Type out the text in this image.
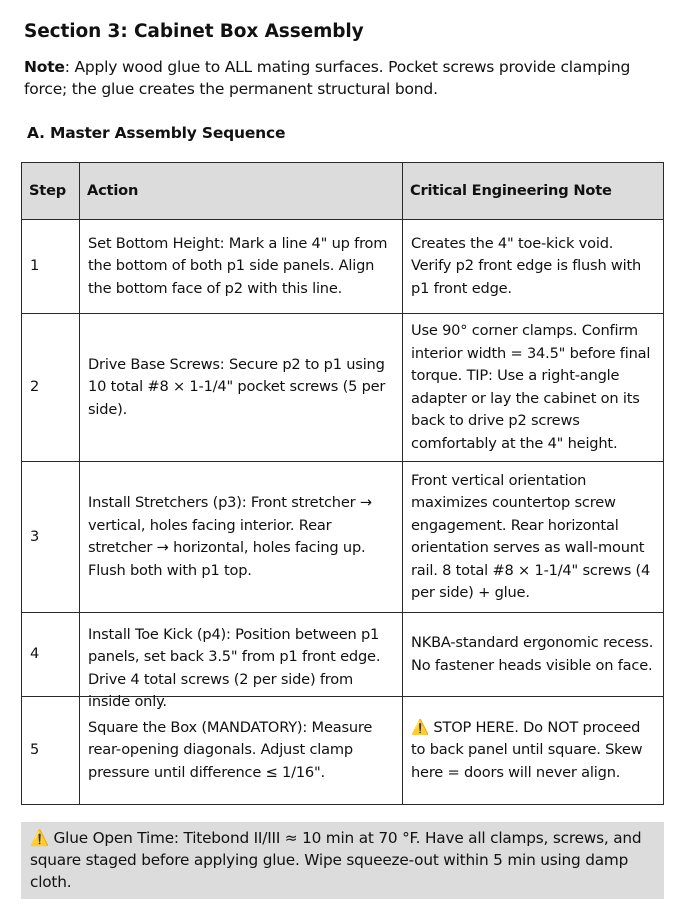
Section 3: Cabinet Box Assembly

Note: Apply wood glue to ALL mating surfaces. Pocket screws provide clamping force; the glue creates the permanent structural bond.

A. Master Assembly Sequence
Step	Action	Critical Engineering Note
1	Set Bottom Height: Mark a line 4" up from the bottom of both p1 side panels. Align the bottom face of p2 with this line.	Creates the 4" toe-kick void. Verify p2 front edge is flush with p1 front edge.
2	Drive Base Screws: Secure p2 to p1 using 10 total #8 × 1-1/4" pocket screws (5 per side).	Use 90° corner clamps. Confirm interior width = 34.5" before final torque. TIP: Use a right-angle adapter or lay the cabinet on its back to drive p2 screws comfortably at the 4" height.
3	Install Stretchers (p3): Front stretcher → vertical, holes facing interior. Rear stretcher → horizontal, holes facing up. Flush both with p1 top.	Front vertical orientation maximizes countertop screw engagement. Rear horizontal orientation serves as wall-mount rail. 8 total #8 × 1-1/4" screws (4 per side) + glue.
4	Install Toe Kick (p4): Position between p1 panels, set back 3.5" from p1 front edge. Drive 4 total screws (2 per side) from inside only.	NKBA-standard ergonomic recess. No fastener heads visible on face.
5	Square the Box (MANDATORY): Measure rear-opening diagonals. Adjust clamp pressure until difference ≤ 1/16".	⚠️ STOP HERE. Do NOT proceed to back panel until square. Skew here = doors will never align.
⚠️ Glue Open Time: Titebond II/III ≈ 10 min at 70 °F. Have all clamps, screws, and square staged before applying glue. Wipe squeeze-out within 5 min using damp cloth.
